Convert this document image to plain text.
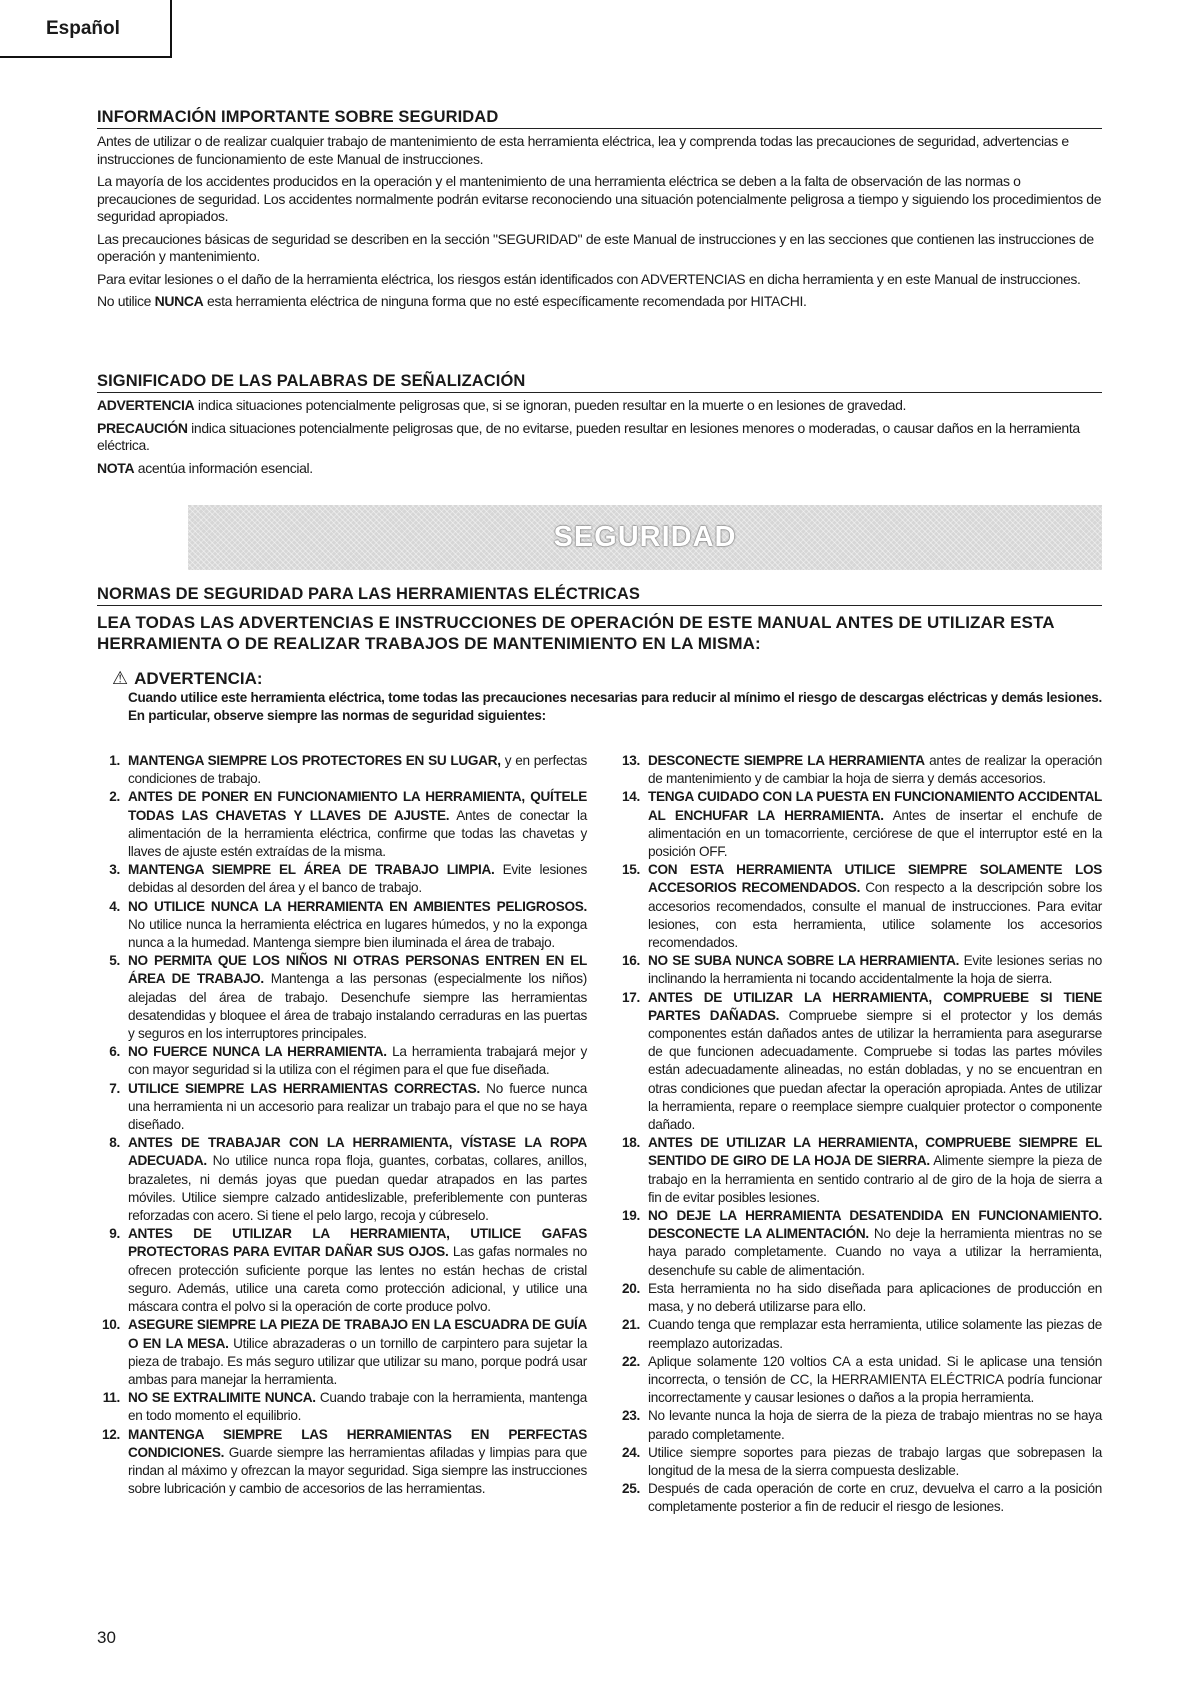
Español
INFORMACIÓN IMPORTANTE SOBRE SEGURIDAD

Antes de utilizar o de realizar cualquier trabajo de mantenimiento de esta herramienta eléctrica, lea y comprenda todas las precauciones de seguridad, advertencias e instrucciones de funcionamiento de este Manual de instrucciones.

La mayoría de los accidentes producidos en la operación y el mantenimiento de una herramienta eléctrica se deben a la falta de observación de las normas o precauciones de seguridad. Los accidentes normalmente podrán evitarse reconociendo una situación potencialmente peligrosa a tiempo y siguiendo los procedimientos de seguridad apropiados.

Las precauciones básicas de seguridad se describen en la sección "SEGURIDAD" de este Manual de instrucciones y en las secciones que contienen las instrucciones de operación y mantenimiento.

Para evitar lesiones o el daño de la herramienta eléctrica, los riesgos están identificados con ADVERTENCIAS en dicha herramienta y en este Manual de instrucciones.

No utilice NUNCA esta herramienta eléctrica de ninguna forma que no esté específicamente recomendada por HITACHI.

SIGNIFICADO DE LAS PALABRAS DE SEÑALIZACIÓN

ADVERTENCIA indica situaciones potencialmente peligrosas que, si se ignoran, pueden resultar en la muerte o en lesiones de gravedad.

PRECAUCIÓN indica situaciones potencialmente peligrosas que, de no evitarse, pueden resultar en lesiones menores o moderadas, o causar daños en la herramienta eléctrica.

NOTA acentúa información esencial.

SEGURIDAD
NORMAS DE SEGURIDAD PARA LAS HERRAMIENTAS ELÉCTRICAS
LEA TODAS LAS ADVERTENCIAS E INSTRUCCIONES DE OPERACIÓN DE ESTE MANUAL ANTES DE UTILIZAR ESTA HERRAMIENTA O DE REALIZAR TRABAJOS DE MANTENIMIENTO EN LA MISMA:
⚠ ADVERTENCIA:

Cuando utilice este herramienta eléctrica, tome todas las precauciones necesarias para reducir al mínimo el riesgo de descargas eléctricas y demás lesiones.

En particular, observe siempre las normas de seguridad siguientes:

1. MANTENGA SIEMPRE LOS PROTECTORES EN SU LUGAR, y en perfectas condiciones de trabajo.
2. ANTES DE PONER EN FUNCIONAMIENTO LA HERRAMIENTA, QUÍTELE TODAS LAS CHAVETAS Y LLAVES DE AJUSTE. Antes de conectar la alimentación de la herramienta eléctrica, confirme que todas las chavetas y llaves de ajuste estén extraídas de la misma.
3. MANTENGA SIEMPRE EL ÁREA DE TRABAJO LIMPIA. Evite lesiones debidas al desorden del área y el banco de trabajo.
4. NO UTILICE NUNCA LA HERRAMIENTA EN AMBIENTES PELIGROSOS. No utilice nunca la herramienta eléctrica en lugares húmedos, y no la exponga nunca a la humedad. Mantenga siempre bien iluminada el área de trabajo.
5. NO PERMITA QUE LOS NIÑOS NI OTRAS PERSONAS ENTREN EN EL ÁREA DE TRABAJO. Mantenga a las personas (especialmente los niños) alejadas del área de trabajo. Desenchufe siempre las herramientas desatendidas y bloquee el área de trabajo instalando cerraduras en las puertas y seguros en los interruptores principales.
6. NO FUERCE NUNCA LA HERRAMIENTA. La herramienta trabajará mejor y con mayor seguridad si la utiliza con el régimen para el que fue diseñada.
7. UTILICE SIEMPRE LAS HERRAMIENTAS CORRECTAS. No fuerce nunca una herramienta ni un accesorio para realizar un trabajo para el que no se haya diseñado.
8. ANTES DE TRABAJAR CON LA HERRAMIENTA, VÍSTASE LA ROPA ADECUADA. No utilice nunca ropa floja, guantes, corbatas, collares, anillos, brazaletes, ni demás joyas que puedan quedar atrapados en las partes móviles. Utilice siempre calzado antideslizable, preferiblemente con punteras reforzadas con acero. Si tiene el pelo largo, recoja y cúbreselo.
9. ANTES DE UTILIZAR LA HERRAMIENTA, UTILICE GAFAS PROTECTORAS PARA EVITAR DAÑAR SUS OJOS. Las gafas normales no ofrecen protección suficiente porque las lentes no están hechas de cristal seguro. Además, utilice una careta como protección adicional, y utilice una máscara contra el polvo si la operación de corte produce polvo.
10. ASEGURE SIEMPRE LA PIEZA DE TRABAJO EN LA ESCUADRA DE GUÍA O EN LA MESA. Utilice abrazaderas o un tornillo de carpintero para sujetar la pieza de trabajo. Es más seguro utilizar que utilizar su mano, porque podrá usar ambas para manejar la herramienta.
11. NO SE EXTRALIMITE NUNCA. Cuando trabaje con la herramienta, mantenga en todo momento el equilibrio.
12. MANTENGA SIEMPRE LAS HERRAMIENTAS EN PERFECTAS CONDICIONES. Guarde siempre las herramientas afiladas y limpias para que rindan al máximo y ofrezcan la mayor seguridad. Siga siempre las instrucciones sobre lubricación y cambio de accesorios de las herramientas.
13. DESCONECTE SIEMPRE LA HERRAMIENTA antes de realizar la operación de mantenimiento y de cambiar la hoja de sierra y demás accesorios.
14. TENGA CUIDADO CON LA PUESTA EN FUNCIONAMIENTO ACCIDENTAL AL ENCHUFAR LA HERRAMIENTA. Antes de insertar el enchufe de alimentación en un tomacorriente, cerciórese de que el interruptor esté en la posición OFF.
15. CON ESTA HERRAMIENTA UTILICE SIEMPRE SOLAMENTE LOS ACCESORIOS RECOMENDADOS. Con respecto a la descripción sobre los accesorios recomendados, consulte el manual de instrucciones. Para evitar lesiones, con esta herramienta, utilice solamente los accesorios recomendados.
16. NO SE SUBA NUNCA SOBRE LA HERRAMIENTA. Evite lesiones serias no inclinando la herramienta ni tocando accidentalmente la hoja de sierra.
17. ANTES DE UTILIZAR LA HERRAMIENTA, COMPRUEBE SI TIENE PARTES DAÑADAS. Compruebe siempre si el protector y los demás componentes están dañados antes de utilizar la herramienta para asegurarse de que funcionen adecuadamente. Compruebe si todas las partes móviles están adecuadamente alineadas, no están dobladas, y no se encuentran en otras condiciones que puedan afectar la operación apropiada. Antes de utilizar la herramienta, repare o reemplace siempre cualquier protector o componente dañado.
18. ANTES DE UTILIZAR LA HERRAMIENTA, COMPRUEBE SIEMPRE EL SENTIDO DE GIRO DE LA HOJA DE SIERRA. Alimente siempre la pieza de trabajo en la herramienta en sentido contrario al de giro de la hoja de sierra a fin de evitar posibles lesiones.
19. NO DEJE LA HERRAMIENTA DESATENDIDA EN FUNCIONAMIENTO. DESCONECTE LA ALIMENTACIÓN. No deje la herramienta mientras no se haya parado completamente. Cuando no vaya a utilizar la herramienta, desenchufe su cable de alimentación.
20. Esta herramienta no ha sido diseñada para aplicaciones de producción en masa, y no deberá utilizarse para ello.
21. Cuando tenga que remplazar esta herramienta, utilice solamente las piezas de reemplazo autorizadas.
22. Aplique solamente 120 voltios CA a esta unidad. Si le aplicase una tensión incorrecta, o tensión de CC, la HERRAMIENTA ELÉCTRICA podría funcionar incorrectamente y causar lesiones o daños a la propia herramienta.
23. No levante nunca la hoja de sierra de la pieza de trabajo mientras no se haya parado completamente.
24. Utilice siempre soportes para piezas de trabajo largas que sobrepasen la longitud de la mesa de la sierra compuesta deslizable.
25. Después de cada operación de corte en cruz, devuelva el carro a la posición completamente posterior a fin de reducir el riesgo de lesiones.
30
